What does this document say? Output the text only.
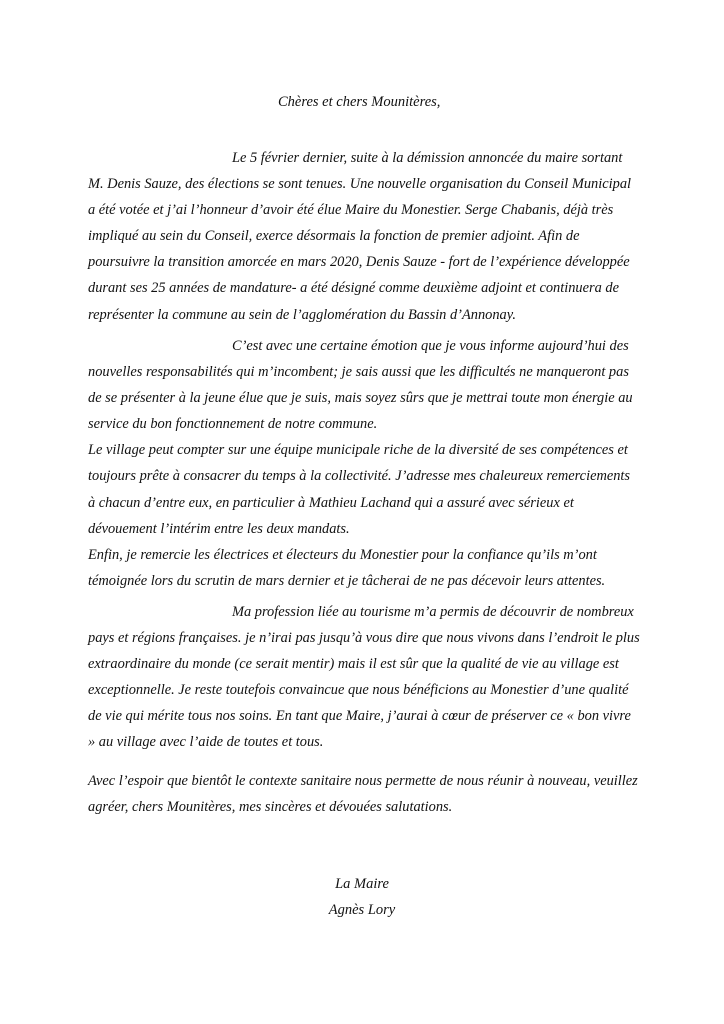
Chères et chers Mounitères,

Le 5 février dernier, suite à la démission annoncée du maire sortant M. Denis Sauze, des élections se sont tenues. Une nouvelle organisation du Conseil Municipal a été votée et j’ai l’honneur d’avoir été élue Maire du Monestier. Serge Chabanis, déjà très impliqué au sein du Conseil, exerce désormais la fonction de premier adjoint. Afin de poursuivre la transition amorcée en mars 2020, Denis Sauze - fort de l’expérience développée durant ses 25 années de mandature- a été désigné comme deuxième adjoint et continuera de représenter la commune au sein de l’agglomération du Bassin d’Annonay.

C’est avec une certaine émotion que je vous informe aujourd’hui des nouvelles responsabilités qui m’incombent; je sais aussi que les difficultés ne manqueront pas de se présenter à la jeune élue que je suis, mais soyez sûrs que je mettrai toute mon énergie au service du bon fonctionnement de notre commune.

Le village peut compter sur une équipe municipale riche de la diversité de ses compétences et toujours prête à consacrer du temps à la collectivité. J’adresse mes chaleureux remerciements à chacun d’entre eux, en particulier à Mathieu Lachand qui a assuré avec sérieux et dévouement l’intérim entre les deux mandats.

Enfin, je remercie les électrices et électeurs du Monestier pour la confiance qu’ils m’ont témoignée lors du scrutin de mars dernier et je tâcherai de ne pas décevoir leurs attentes.

Ma profession liée au tourisme m’a permis de découvrir de nombreux pays et régions françaises. je n’irai pas jusqu’à vous dire que nous vivons dans l’endroit le plus extraordinaire du monde (ce serait mentir) mais il est sûr que la qualité de vie au village est exceptionnelle. Je reste toutefois convaincue que nous bénéficions au Monestier d’une qualité de vie qui mérite tous nos soins. En tant que Maire, j’aurai à cœur de préserver ce « bon vivre » au village avec l’aide de toutes et tous.

Avec l’espoir que bientôt le contexte sanitaire nous permette de nous réunir à nouveau, veuillez agréer, chers Mounitères, mes sincères et dévouées salutations.

La Maire
Agnès Lory
